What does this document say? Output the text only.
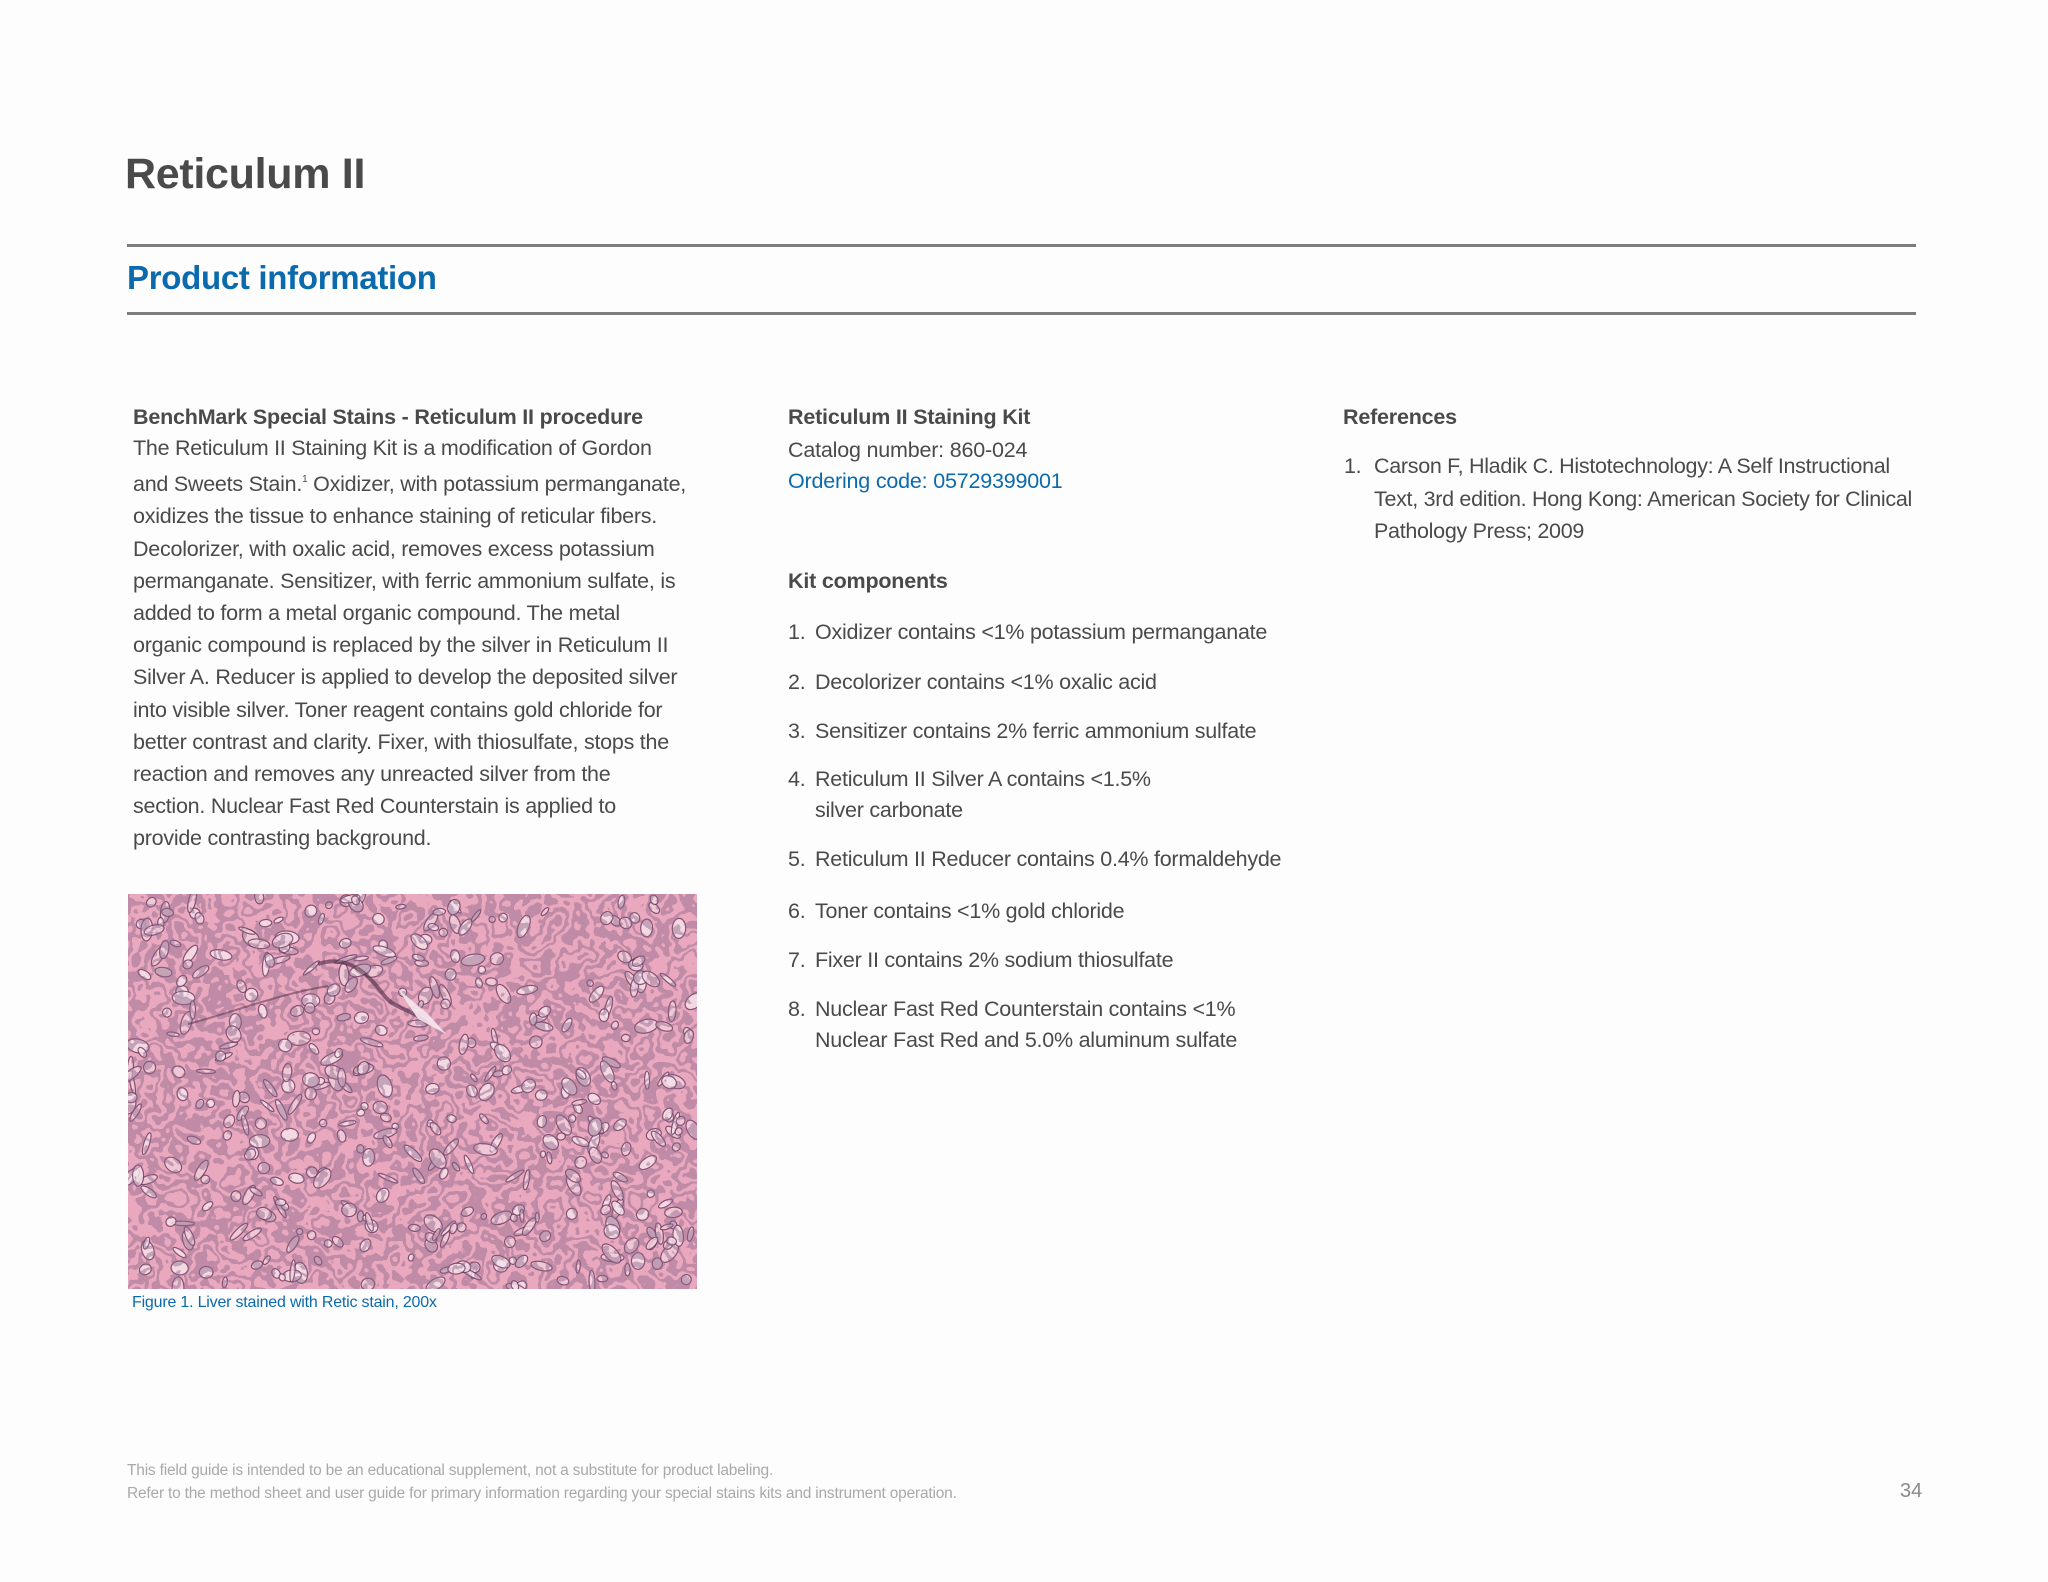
Reticulum II
Product information
BenchMark Special Stains - Reticulum II procedure
The Reticulum II Staining Kit is a modification of Gordon
and Sweets Stain.$^1$ Oxidizer, with potassium permanganate,
oxidizes the tissue to enhance staining of reticular fibers.
Decolorizer, with oxalic acid, removes excess potassium
permanganate. Sensitizer, with ferric ammonium sulfate, is
added to form a metal organic compound. The metal
organic compound is replaced by the silver in Reticulum II
Silver A. Reducer is applied to develop the deposited silver
into visible silver. Toner reagent contains gold chloride for
better contrast and clarity. Fixer, with thiosulfate, stops the
reaction and removes any unreacted silver from the
section. Nuclear Fast Red Counterstain is applied to
provide contrasting background.
Figure 1. Liver stained with Retic stain, 200x
Reticulum II Staining Kit
Catalog number: 860-024
Ordering code: 05729399001
Kit components
1. Oxidizer contains <1% potassium permanganate
2. Decolorizer contains <1% oxalic acid
3. Sensitizer contains 2% ferric ammonium sulfate
4. Reticulum II Silver A contains <1.5%
silver carbonate
5. Reticulum II Reducer contains 0.4% formaldehyde
6. Toner contains <1% gold chloride
7. Fixer II contains 2% sodium thiosulfate
8. Nuclear Fast Red Counterstain contains <1%
Nuclear Fast Red and 5.0% aluminum sulfate
References
1. Carson F, Hladik C. Histotechnology: A Self Instructional
Text, 3rd edition. Hong Kong: American Society for Clinical
Pathology Press; 2009
This field guide is intended to be an educational supplement, not a substitute for product labeling.
Refer to the method sheet and user guide for primary information regarding your special stains kits and instrument operation.	34
